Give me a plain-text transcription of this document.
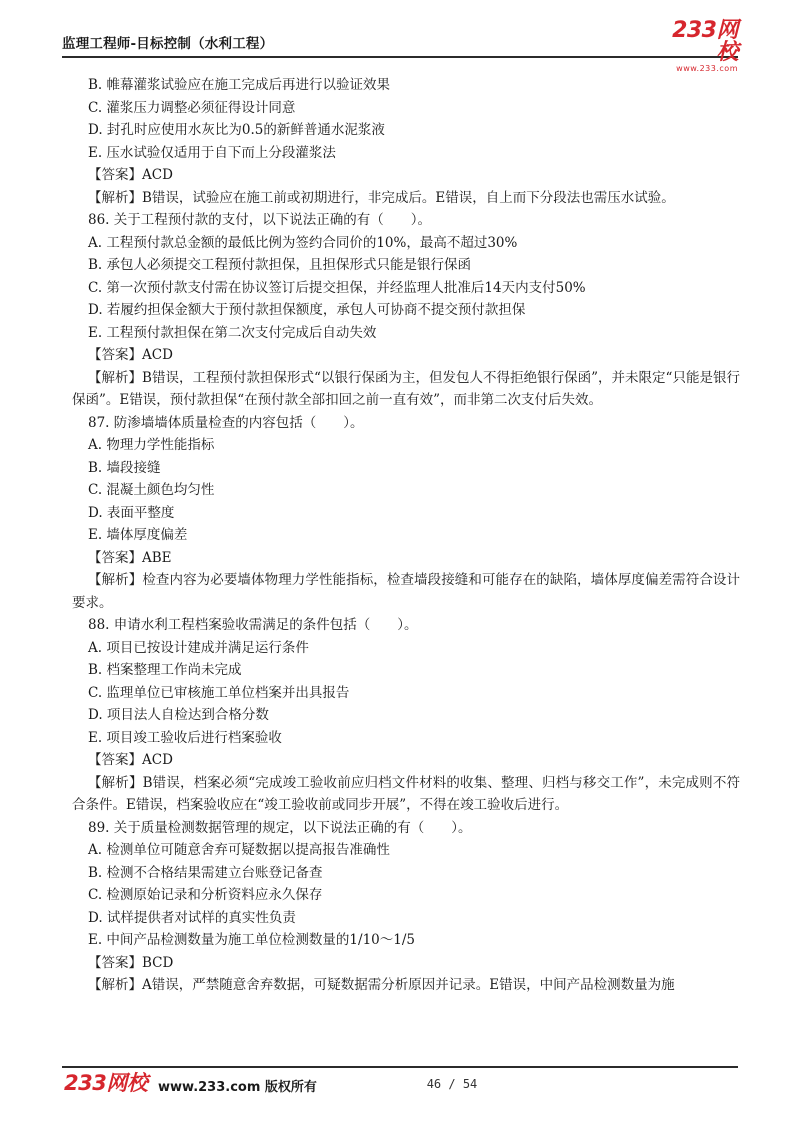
监理工程师-目标控制（水利工程）
233网校
www.233.com
B. 帷幕灌浆试验应在施工完成后再进行以验证效果
C. 灌浆压力调整必须征得设计同意
D. 封孔时应使用水灰比为0.5的新鲜普通水泥浆液
E. 压水试验仅适用于自下而上分段灌浆法
【答案】ACD
【解析】B错误，试验应在施工前或初期进行，非完成后。E错误，自上而下分段法也需压水试验。
86. 关于工程预付款的支付，以下说法正确的有（　　）。
A. 工程预付款总金额的最低比例为签约合同价的10%，最高不超过30%
B. 承包人必须提交工程预付款担保，且担保形式只能是银行保函
C. 第一次预付款支付需在协议签订后提交担保，并经监理人批准后14天内支付50%
D. 若履约担保金额大于预付款担保额度，承包人可协商不提交预付款担保
E. 工程预付款担保在第二次支付完成后自动失效
【答案】ACD
【解析】B错误，工程预付款担保形式“以银行保函为主，但发包人不得拒绝银行保函”，并未限定“只能是银行保函”。E错误，预付款担保“在预付款全部扣回之前一直有效”，而非第二次支付后失效。
87. 防渗墙墙体质量检查的内容包括（　　）。
A. 物理力学性能指标
B. 墙段接缝
C. 混凝土颜色均匀性
D. 表面平整度
E. 墙体厚度偏差
【答案】ABE
【解析】检查内容为必要墙体物理力学性能指标，检查墙段接缝和可能存在的缺陷，墙体厚度偏差需符合设计要求。
88. 申请水利工程档案验收需满足的条件包括（　　）。
A. 项目已按设计建成并满足运行条件
B. 档案整理工作尚未完成
C. 监理单位已审核施工单位档案并出具报告
D. 项目法人自检达到合格分数
E. 项目竣工验收后进行档案验收
【答案】ACD
【解析】B错误，档案必须“完成竣工验收前应归档文件材料的收集、整理、归档与移交工作”，未完成则不符合条件。E错误，档案验收应在“竣工验收前或同步开展”，不得在竣工验收后进行。
89. 关于质量检测数据管理的规定，以下说法正确的有（　　）。
A. 检测单位可随意舍弃可疑数据以提高报告准确性
B. 检测不合格结果需建立台账登记备查
C. 检测原始记录和分析资料应永久保存
D. 试样提供者对试样的真实性负责
E. 中间产品检测数量为施工单位检测数量的1/10～1/5
【答案】BCD
【解析】A错误，严禁随意舍弃数据，可疑数据需分析原因并记录。E错误，中间产品检测数量为施
233网校 www.233.com 版权所有	46 / 54
